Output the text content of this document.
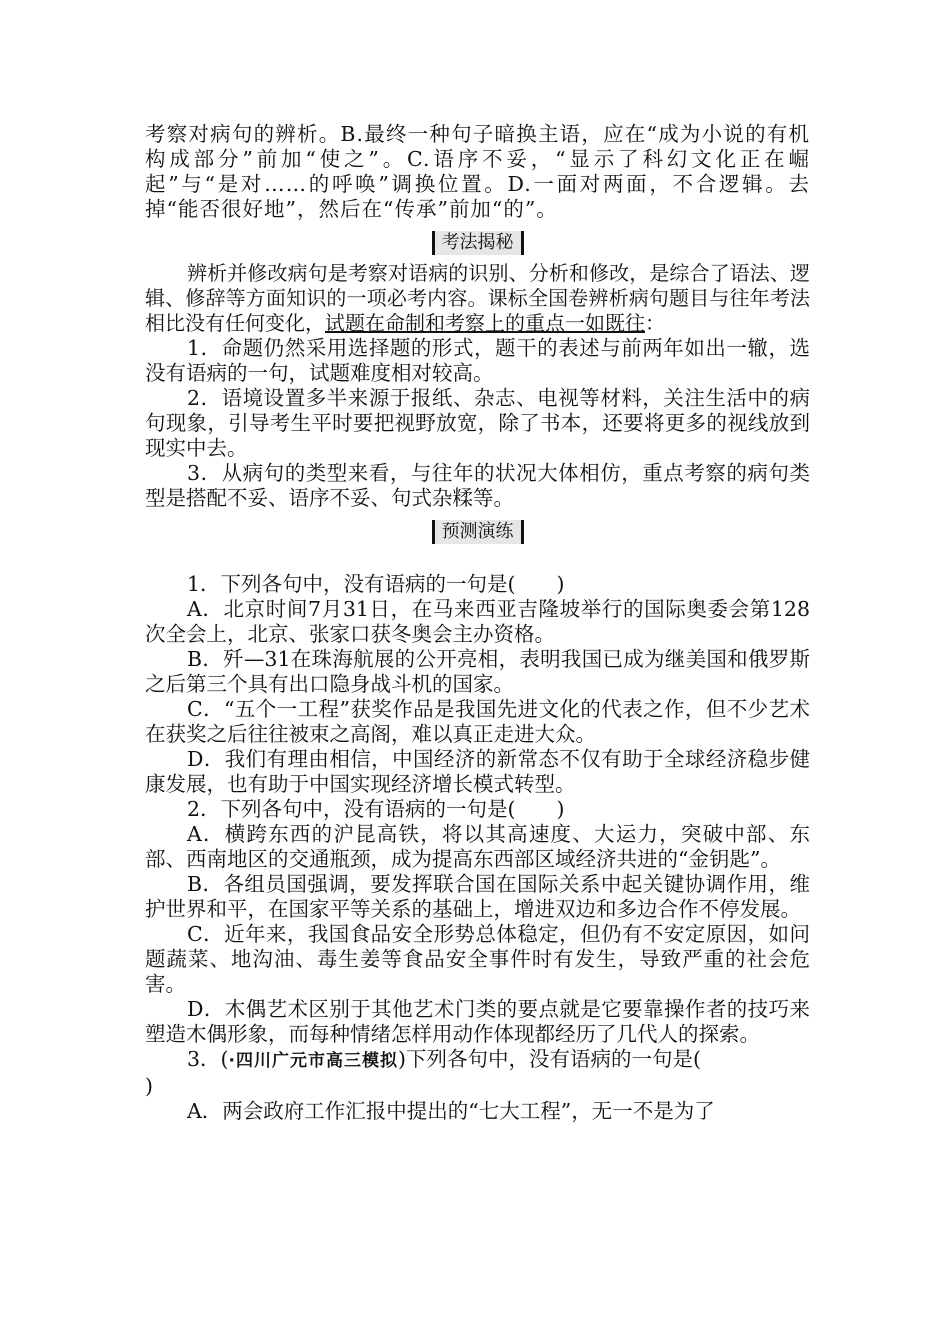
考察对病句的辨析。B.最终一种句子暗换主语，应在“成为小说的有机构成部分”前加“使之”。C.语序不妥，“显示了科幻文化正在崛起”与“是对……的呼唤”调换位置。D.一面对两面，不合逻辑。去掉“能否很好地”，然后在“传承”前加“的”。

考法揭秘

辨析并修改病句是考察对语病的识别、分析和修改，是综合了语法、逻辑、修辞等方面知识的一项必考内容。课标全国卷辨析病句题目与往年考法相比没有任何变化，试题在命制和考察上的重点一如既往：

1．命题仍然采用选择题的形式，题干的表述与前两年如出一辙，选没有语病的一句，试题难度相对较高。

2．语境设置多半来源于报纸、杂志、电视等材料，关注生活中的病句现象，引导考生平时要把视野放宽，除了书本，还要将更多的视线放到现实中去。

3．从病句的类型来看，与往年的状况大体相仿，重点考察的病句类型是搭配不妥、语序不妥、句式杂糅等。

预测演练

1．下列各句中，没有语病的一句是(　　)

A．北京时间7月31日，在马来西亚吉隆坡举行的国际奥委会第128次全会上，北京、张家口获冬奥会主办资格。

B．歼—31在珠海航展的公开亮相，表明我国已成为继美国和俄罗斯之后第三个具有出口隐身战斗机的国家。

C．“五个一工程”获奖作品是我国先进文化的代表之作，但不少艺术在获奖之后往往被束之高阁，难以真正走进大众。

D．我们有理由相信，中国经济的新常态不仅有助于全球经济稳步健康发展，也有助于中国实现经济增长模式转型。

2．下列各句中，没有语病的一句是(　　)

A．横跨东西的沪昆高铁，将以其高速度、大运力，突破中部、东部、西南地区的交通瓶颈，成为提高东西部区域经济共进的“金钥匙”。

B．各组员国强调，要发挥联合国在国际关系中起关键协调作用，维护世界和平，在国家平等关系的基础上，增进双边和多边合作不停发展。

C．近年来，我国食品安全形势总体稳定，但仍有不安定原因，如问题蔬菜、地沟油、毒生姜等食品安全事件时有发生，导致严重的社会危害。

D．木偶艺术区别于其他艺术门类的要点就是它要靠操作者的技巧来塑造木偶形象，而每种情绪怎样用动作体现都经历了几代人的探索。

3．(·四川广元市高三模拟)下列各句中，没有语病的一句是(
)

A．两会政府工作汇报中提出的“七大工程”，无一不是为了
